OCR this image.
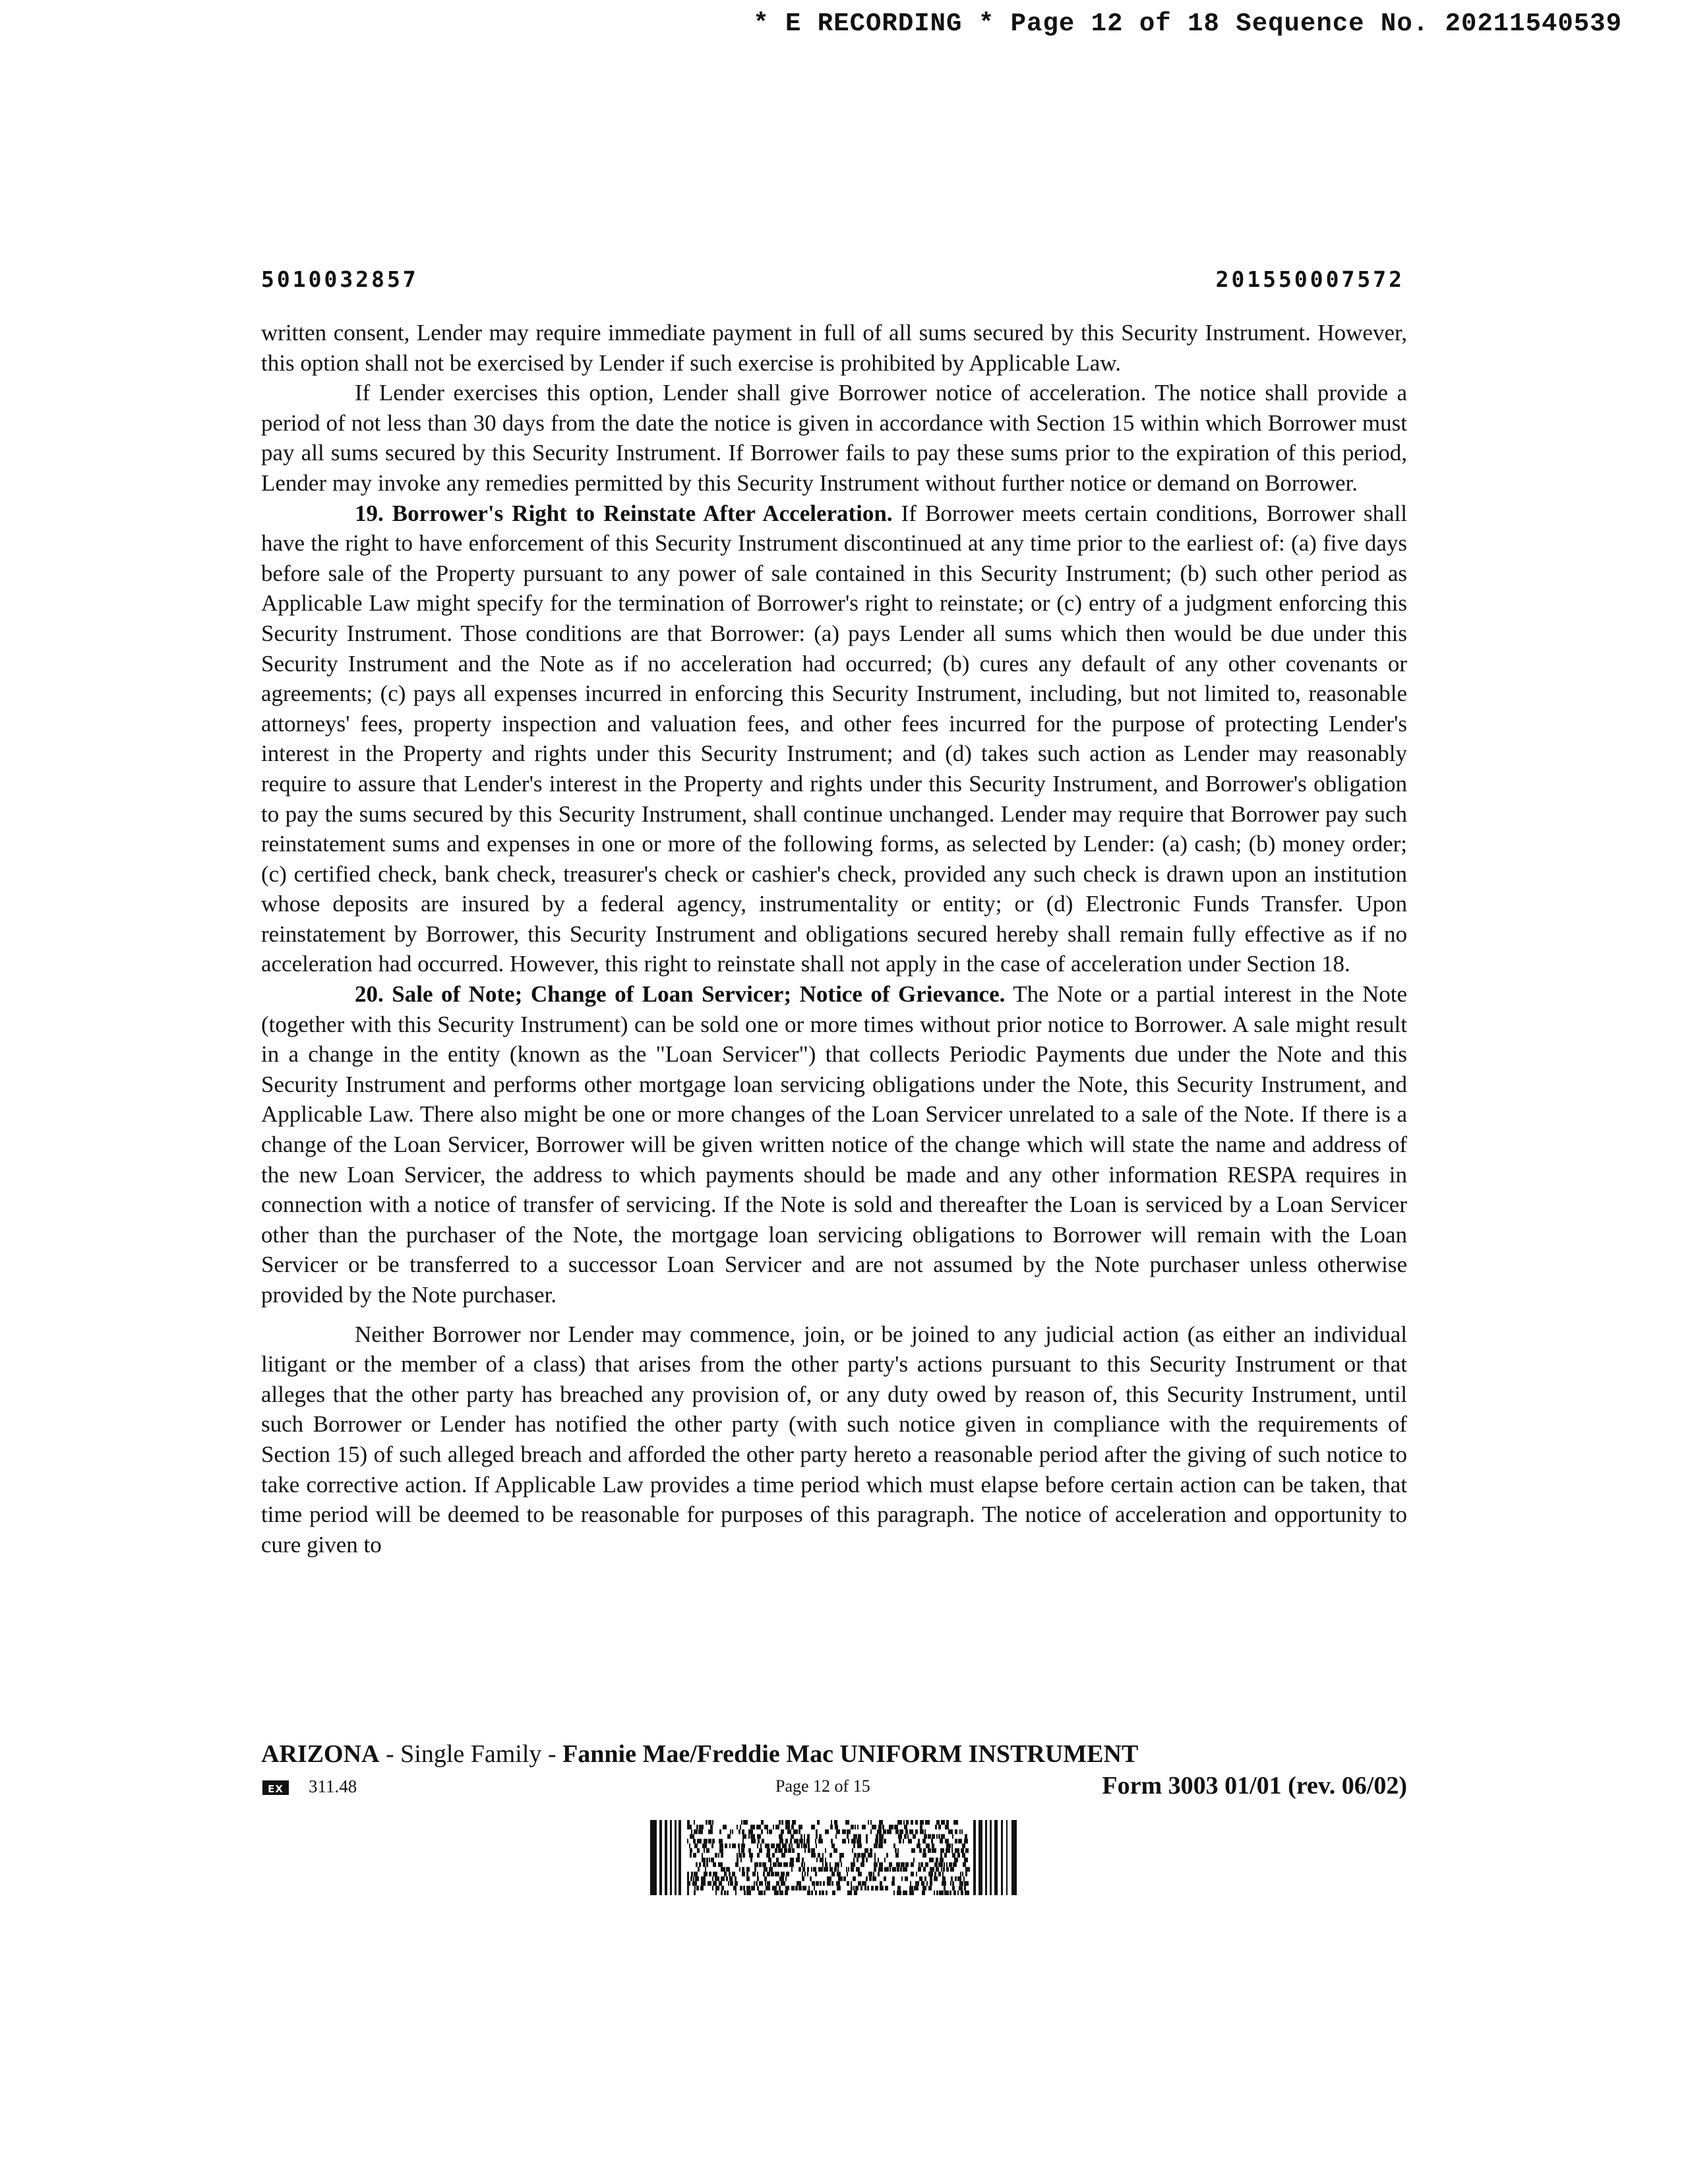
* E RECORDING * Page 12 of 18 Sequence No. 20211540539
5010032857	201550007572

written consent, Lender may require immediate payment in full of all sums secured by this Security Instrument. However, this option shall not be exercised by Lender if such exercise is prohibited by Applicable Law.

If Lender exercises this option, Lender shall give Borrower notice of acceleration. The notice shall provide a period of not less than 30 days from the date the notice is given in accordance with Section 15 within which Borrower must pay all sums secured by this Security Instrument. If Borrower fails to pay these sums prior to the expiration of this period, Lender may invoke any remedies permitted by this Security Instrument without further notice or demand on Borrower.

19. Borrower's Right to Reinstate After Acceleration. If Borrower meets certain conditions, Borrower shall have the right to have enforcement of this Security Instrument discontinued at any time prior to the earliest of: (a) five days before sale of the Property pursuant to any power of sale contained in this Security Instrument; (b) such other period as Applicable Law might specify for the termination of Borrower's right to reinstate; or (c) entry of a judgment enforcing this Security Instrument. Those conditions are that Borrower: (a) pays Lender all sums which then would be due under this Security Instrument and the Note as if no acceleration had occurred; (b) cures any default of any other covenants or agreements; (c) pays all expenses incurred in enforcing this Security Instrument, including, but not limited to, reasonable attorneys' fees, property inspection and valuation fees, and other fees incurred for the purpose of protecting Lender's interest in the Property and rights under this Security Instrument; and (d) takes such action as Lender may reasonably require to assure that Lender's interest in the Property and rights under this Security Instrument, and Borrower's obligation to pay the sums secured by this Security Instrument, shall continue unchanged. Lender may require that Borrower pay such reinstatement sums and expenses in one or more of the following forms, as selected by Lender: (a) cash; (b) money order; (c) certified check, bank check, treasurer's check or cashier's check, provided any such check is drawn upon an institution whose deposits are insured by a federal agency, instrumentality or entity; or (d) Electronic Funds Transfer. Upon reinstatement by Borrower, this Security Instrument and obligations secured hereby shall remain fully effective as if no acceleration had occurred. However, this right to reinstate shall not apply in the case of acceleration under Section 18.

20. Sale of Note; Change of Loan Servicer; Notice of Grievance. The Note or a partial interest in the Note (together with this Security Instrument) can be sold one or more times without prior notice to Borrower. A sale might result in a change in the entity (known as the "Loan Servicer") that collects Periodic Payments due under the Note and this Security Instrument and performs other mortgage loan servicing obligations under the Note, this Security Instrument, and Applicable Law. There also might be one or more changes of the Loan Servicer unrelated to a sale of the Note. If there is a change of the Loan Servicer, Borrower will be given written notice of the change which will state the name and address of the new Loan Servicer, the address to which payments should be made and any other information RESPA requires in connection with a notice of transfer of servicing. If the Note is sold and thereafter the Loan is serviced by a Loan Servicer other than the purchaser of the Note, the mortgage loan servicing obligations to Borrower will remain with the Loan Servicer or be transferred to a successor Loan Servicer and are not assumed by the Note purchaser unless otherwise provided by the Note purchaser.

Neither Borrower nor Lender may commence, join, or be joined to any judicial action (as either an individual litigant or the member of a class) that arises from the other party's actions pursuant to this Security Instrument or that alleges that the other party has breached any provision of, or any duty owed by reason of, this Security Instrument, until such Borrower or Lender has notified the other party (with such notice given in compliance with the requirements of Section 15) of such alleged breach and afforded the other party hereto a reasonable period after the giving of such notice to take corrective action. If Applicable Law provides a time period which must elapse before certain action can be taken, that time period will be deemed to be reasonable for purposes of this paragraph. The notice of acceleration and opportunity to cure given to

ARIZONA - Single Family - Fannie Mae/Freddie Mac UNIFORM INSTRUMENT
EX 311.48	Page 12 of 15	Form 3003 01/01 (rev. 06/02)
